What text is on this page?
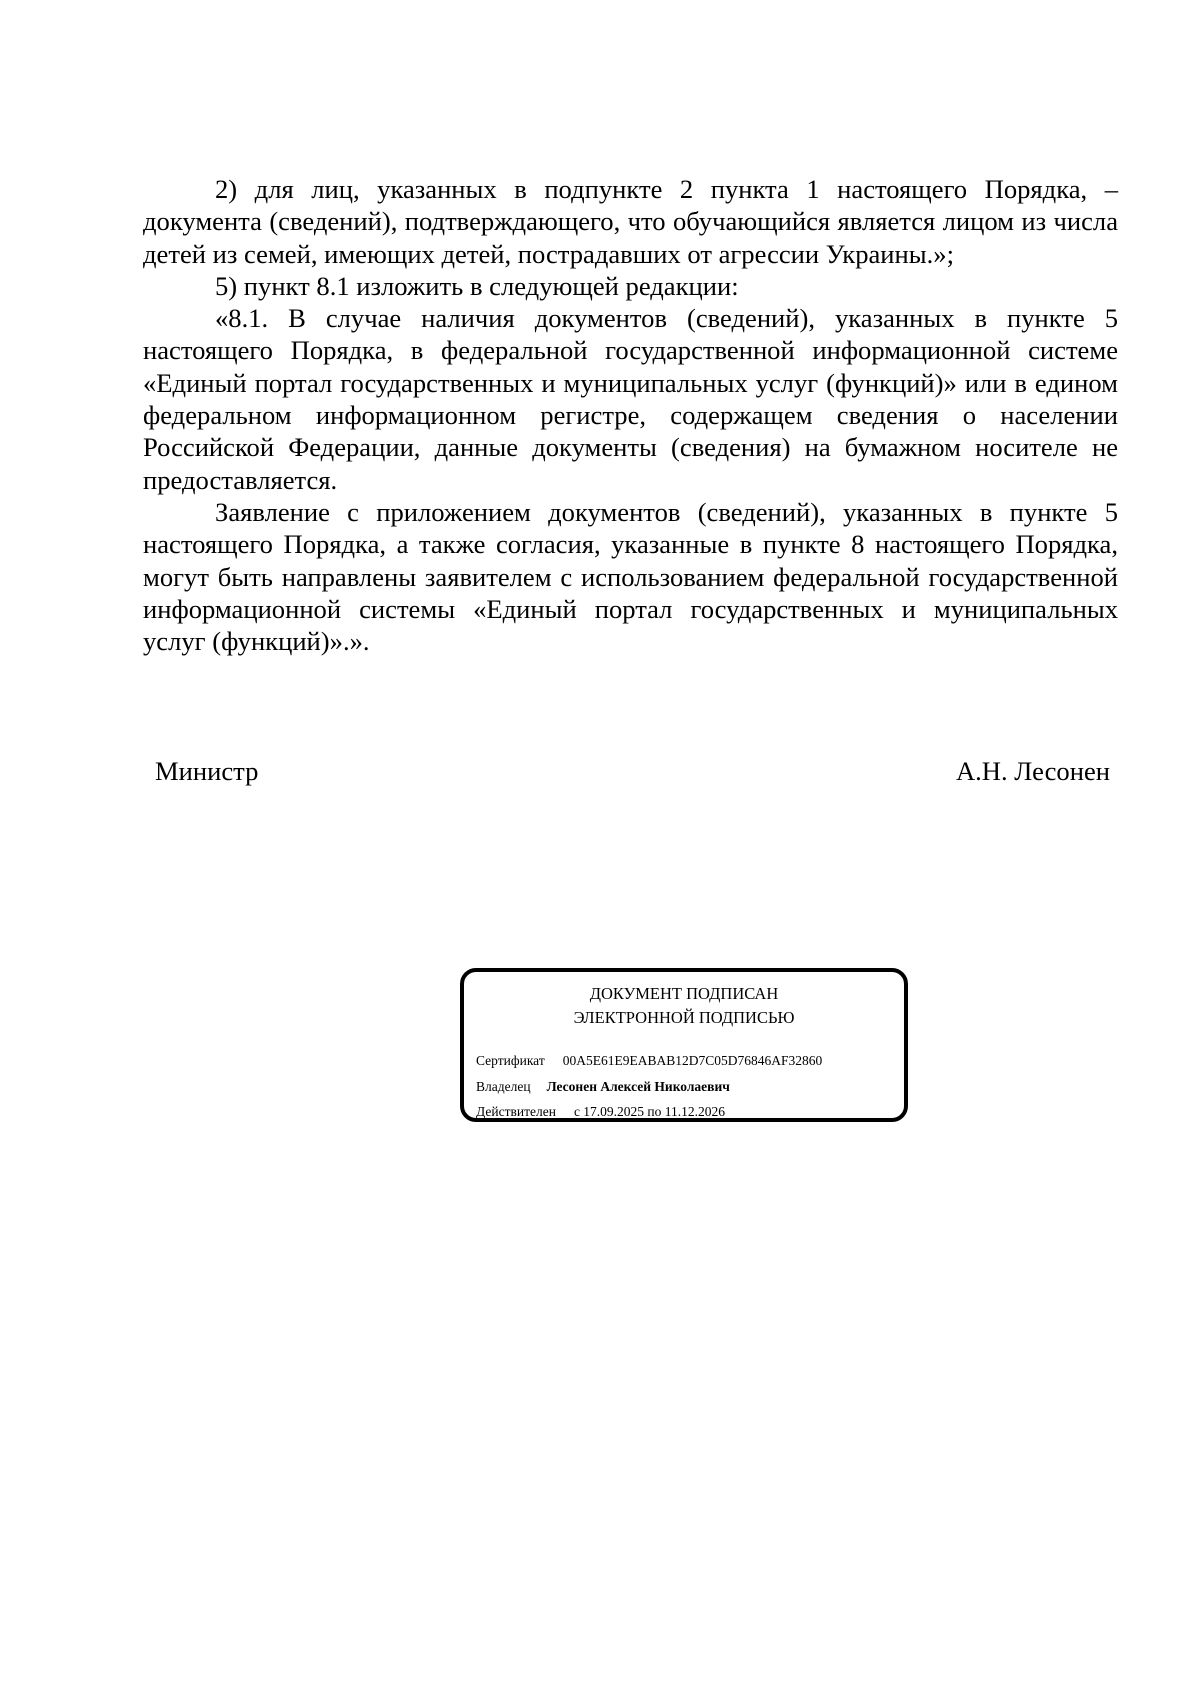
2) для лиц, указанных в подпункте 2 пункта 1 настоящего Порядка, – документа (сведений), подтверждающего, что обучающийся является лицом из числа детей из семей, имеющих детей, пострадавших от агрессии Украины.»;

5) пункт 8.1 изложить в следующей редакции:

«8.1. В случае наличия документов (сведений), указанных в пункте 5 настоящего Порядка, в федеральной государственной информационной системе «Единый портал государственных и муниципальных услуг (функций)» или в едином федеральном информационном регистре, содержащем сведения о населении Российской Федерации, данные документы (сведения) на бумажном носителе не предоставляется.

Заявление с приложением документов (сведений), указанных в пункте 5 настоящего Порядка, а также согласия, указанные в пункте 8 настоящего Порядка, могут быть направлены заявителем с использованием федеральной государственной информационной системы «Единый портал государственных и муниципальных услуг (функций)».».

Министр	А.Н. Лесонен
ДОКУМЕНТ ПОДПИСАН
ЭЛЕКТРОННОЙ ПОДПИСЬЮ
Сертификат 00A5E61E9EABAB12D7C05D76846AF32860
Владелец Лесонен Алексей Николаевич
Действителен с 17.09.2025 по 11.12.2026
